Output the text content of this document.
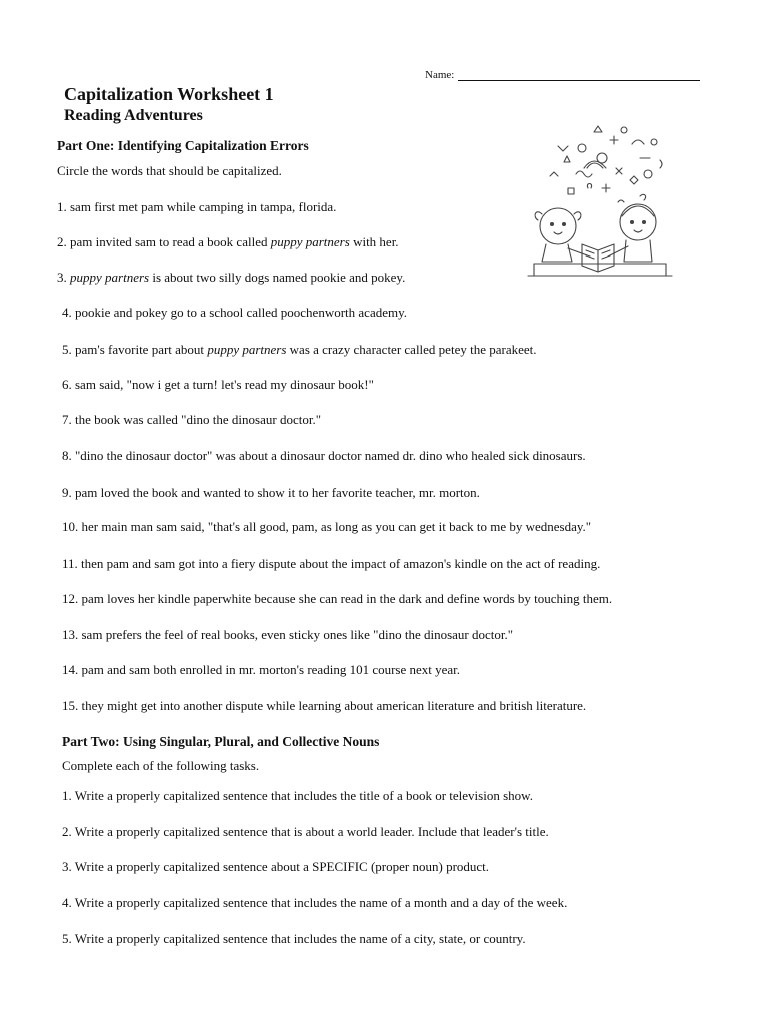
Name:
Capitalization Worksheet 1
Reading Adventures
Part One: Identifying Capitalization Errors
Circle the words that should be capitalized.
1. sam first met pam while camping in tampa, florida.
2. pam invited sam to read a book called puppy partners with her.
3. puppy partners is about two silly dogs named pookie and pokey.
4. pookie and pokey go to a school called poochenworth academy.
5. pam's favorite part about puppy partners was a crazy character called petey the parakeet.
6. sam said, "now i get a turn! let's read my dinosaur book!"
7. the book was called "dino the dinosaur doctor."
8. "dino the dinosaur doctor" was about a dinosaur doctor named dr. dino who healed sick dinosaurs.
9. pam loved the book and wanted to show it to her favorite teacher, mr. morton.
10. her main man sam said, "that's all good, pam, as long as you can get it back to me by wednesday."
11. then pam and sam got into a fiery dispute about the impact of amazon's kindle on the act of reading.
12. pam loves her kindle paperwhite because she can read in the dark and define words by touching them.
13. sam prefers the feel of real books, even sticky ones like "dino the dinosaur doctor."
14. pam and sam both enrolled in mr. morton's reading 101 course next year.
15. they might get into another dispute while learning about american literature and british literature.
Part Two: Using Singular, Plural, and Collective Nouns
Complete each of the following tasks.
1. Write a properly capitalized sentence that includes the title of a book or television show.
2. Write a properly capitalized sentence that is about a world leader. Include that leader's title.
3. Write a properly capitalized sentence about a SPECIFIC (proper noun) product.
4. Write a properly capitalized sentence that includes the name of a month and a day of the week.
5. Write a properly capitalized sentence that includes the name of a city, state, or country.
